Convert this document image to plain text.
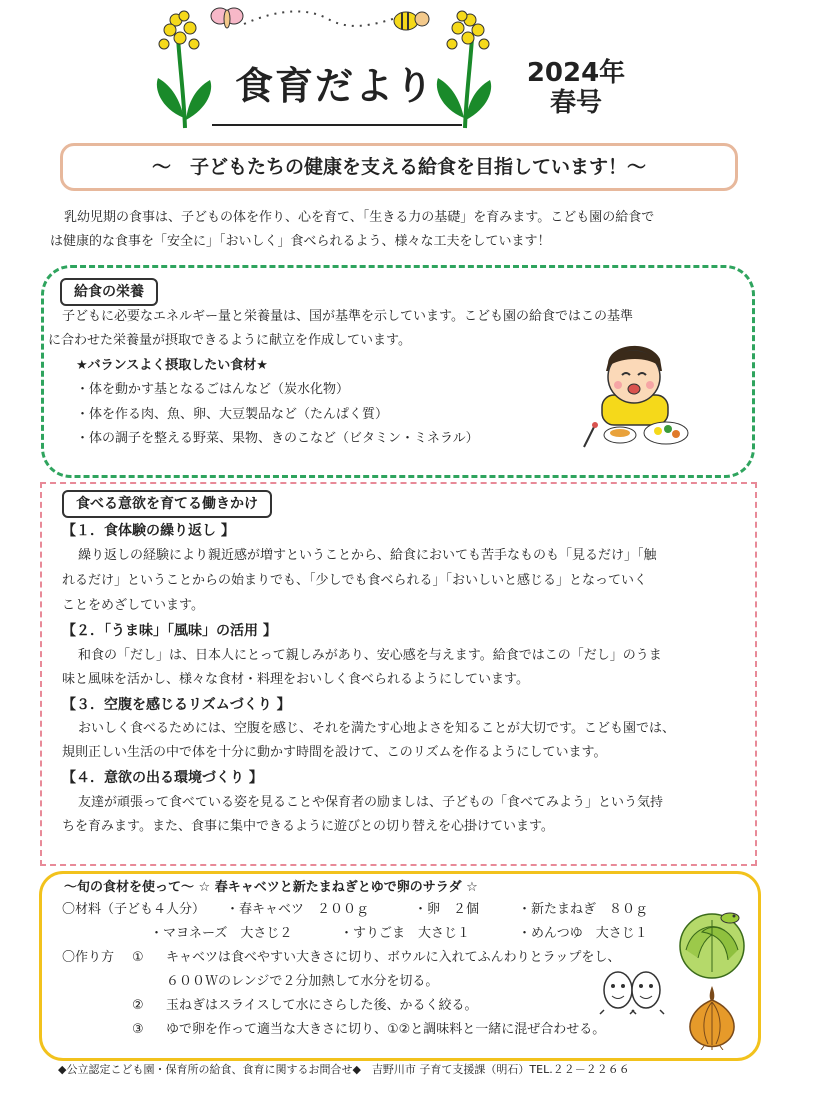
食育だより	2024年
春号
～　子どもたちの健康を支える給食を目指しています！～
乳幼児期の食事は、子どもの体を作り、心を育て、「生きる力の基礎」を育みます。こども園の給食で
は健康的な食事を「安全に」「おいしく」食べられるよう、様々な工夫をしています！
給食の栄養
子どもに必要なエネルギー量と栄養量は、国が基準を示しています。こども園の給食ではこの基準
に合わせた栄養量が摂取できるように献立を作成しています。
★バランスよく摂取したい食材★
・体を動かす基となるごはんなど（炭水化物）
・体を作る肉、魚、卵、大豆製品など（たんぱく質）
・体の調子を整える野菜、果物、きのこなど（ビタミン・ミネラル）
食べる意欲を育てる働きかけ
【１．食体験の繰り返し 】
繰り返しの経験により親近感が増すということから、給食においても苦手なものも「見るだけ」「触
れるだけ」ということからの始まりでも、「少しでも食べられる」「おいしいと感じる」となっていく
ことをめざしています。
【２．「うま味」「風味」の活用 】
和食の「だし」は、日本人にとって親しみがあり、安心感を与えます。給食ではこの「だし」のうま
味と風味を活かし、様々な食材・料理をおいしく食べられるようにしています。
【３．空腹を感じるリズムづくり 】
おいしく食べるためには、空腹を感じ、それを満たす心地よさを知ることが大切です。こども園では、
規則正しい生活の中で体を十分に動かす時間を設けて、このリズムを作るようにしています。
【４．意欲の出る環境づくり 】
友達が頑張って食べている姿を見ることや保育者の励ましは、子どもの「食べてみよう」という気持
ちを育みます。また、食事に集中できるように遊びとの切り替えを心掛けています。
～旬の食材を使って～ ☆ 春キャベツと新たまねぎとゆで卵のサラダ ☆
〇材料（子ども４人分） ・春キャベツ　２００ｇ	・卵　２個	・新たまねぎ　８０ｇ
・マヨネーズ　大さじ２	・すりごま　大さじ１	・めんつゆ　大さじ１
〇作り方 ① キャベツは食べやすい大きさに切り、ボウルに入れてふんわりとラップをし、
６００Ｗのレンジで２分加熱して水分を切る。
② 玉ねぎはスライスして水にさらした後、かるく絞る。
③ ゆで卵を作って適当な大きさに切り、①②と調味料と一緒に混ぜ合わせる。
◆公立認定こども園・保育所の給食、食育に関するお問合せ◆　吉野川市 子育て支援課（明石）TEL.２２－２２６６
